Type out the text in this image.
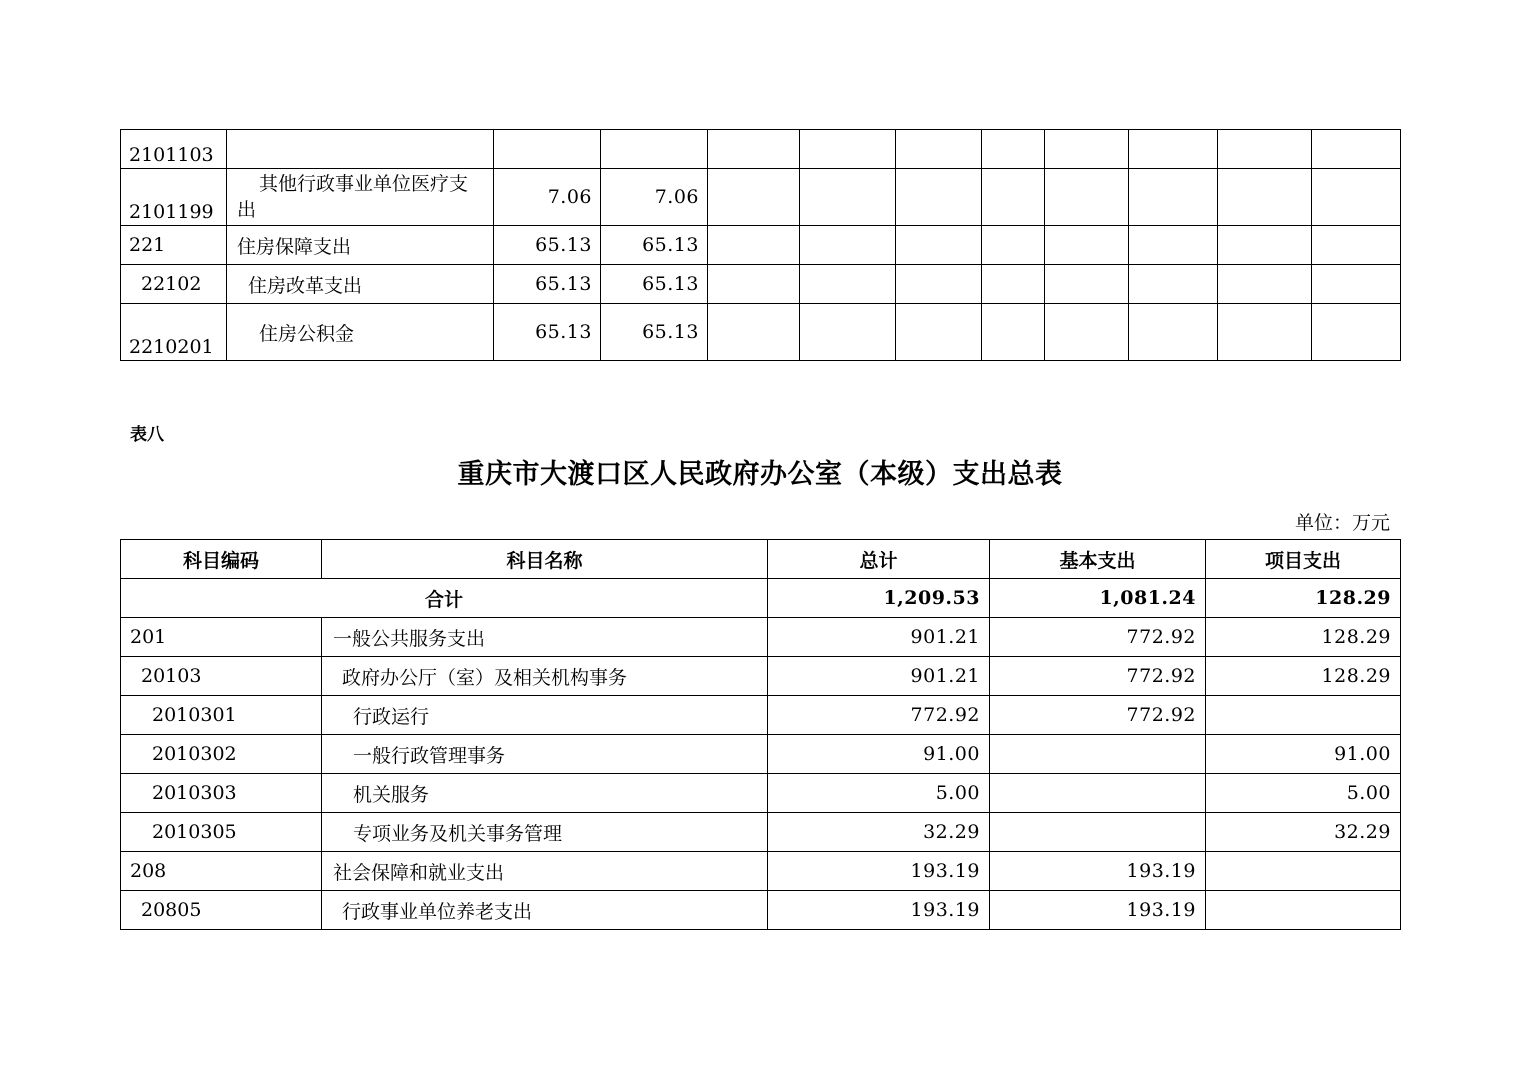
2101103											
2101199	其他行政事业单位医疗支出	7.06	7.06								
221	住房保障支出	65.13	65.13								
22102	住房改革支出	65.13	65.13								
2210201	住房公积金	65.13	65.13								
表八
重庆市大渡口区人民政府办公室（本级）支出总表
单位：万元
科目编码	科目名称	总计	基本支出	项目支出
合计		1,209.53	1,081.24	128.29
201	一般公共服务支出	901.21	772.92	128.29
20103	政府办公厅（室）及相关机构事务	901.21	772.92	128.29
2010301	行政运行	772.92	772.92	
2010302	一般行政管理事务	91.00		91.00
2010303	机关服务	5.00		5.00
2010305	专项业务及机关事务管理	32.29		32.29
208	社会保障和就业支出	193.19	193.19	
20805	行政事业单位养老支出	193.19	193.19	
